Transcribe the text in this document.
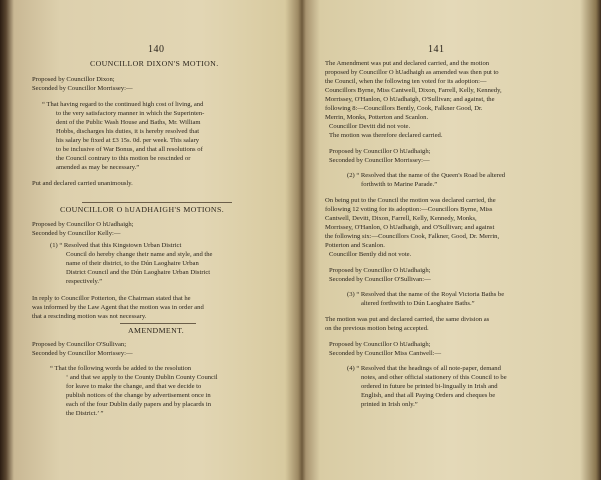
140
COUNCILLOR DIXON'S MOTION.
Proposed by Councillor Dixon;
Seconded by Councillor Morrissey:—
“ That having regard to the continued high cost of living, and
to the very satisfactory manner in which the Superinten-
dent of the Public Wash House and Baths, Mr. William
Hobbs, discharges his duties, it is hereby resolved that
his salary be fixed at £3 15s. 0d. per week. This salary
to be inclusive of War Bonus, and that all resolutions of
the Council contrary to this motion be rescinded or
amended as may be necessary.”
Put and declared carried unanimously.
COUNCILLOR O hUADHAIGH'S MOTIONS.
Proposed by Councillor O hUadhaigh;
Seconded by Councillor Kelly:—
(1) “ Resolved that this Kingstown Urban District
Council do hereby change their name and style, and the
name of their district, to the Dún Laoghaire Urban
District Council and the Dún Laoghaire Urban District
respectively.”
In reply to Councillor Potterton, the Chairman stated that he
was informed by the Law Agent that the motion was in order and
that a rescinding motion was not necessary.
AMENDMENT.
Proposed by Councillor O'Sullivan;
Seconded by Councillor Morrissey:—
“ That the following words be added to the resolution
‘ and that we apply to the County Dublin County Council
for leave to make the change, and that we decide to
publish notices of the change by advertisement once in
each of the four Dublin daily papers and by placards in
the District.’ ”
141
The Amendment was put and declared carried, and the motion
proposed by Councillor O hUadhaigh as amended was then put to
the Council, when the following ten voted for its adoption:—
Councillors Byrne, Miss Cantwell, Dixon, Farrell, Kelly, Kennedy,
Morrissey, O'Hanlon, O hUadhaigh, O'Sullivan; and against, the
following 8:—Councillors Bently, Cook, Falkner Good, Dr.
Merrin, Monks, Potterton and Scanlon.
Councillor Devitt did not vote.
The motion was therefore declared carried.
Proposed by Councillor O hUadhaigh;
Seconded by Councillor Morrissey:—
(2) “ Resolved that the name of the Queen's Road be altered
forthwith to Marine Parade.”
On being put to the Council the motion was declared carried, the
following 12 voting for its adoption:—Councillors Byrne, Miss
Cantwell, Devitt, Dixon, Farrell, Kelly, Kennedy, Monks,
Morrissey, O'Hanlon, O hUadhaigh, and O'Sullivan; and against
the following six:—Councillors Cook, Falkner, Good, Dr. Merrin,
Potterton and Scanlon.
Councillor Bently did not vote.
Proposed by Councillor O hUadhaigh;
Seconded by Councillor O'Sullivan:—
(3) “ Resolved that the name of the Royal Victoria Baths be
altered forthwith to Dún Laoghaire Baths.”
The motion was put and declared carried, the same division as
on the previous motion being accepted.
Proposed by Councillor O hUadhaigh;
Seconded by Councillor Miss Cantwell:—
(4) “ Resolved that the headings of all note-paper, demand
notes, and other official stationery of this Council to be
ordered in future be printed bi-lingually in Irish and
English, and that all Paying Orders and cheques be
printed in Irish only.”
